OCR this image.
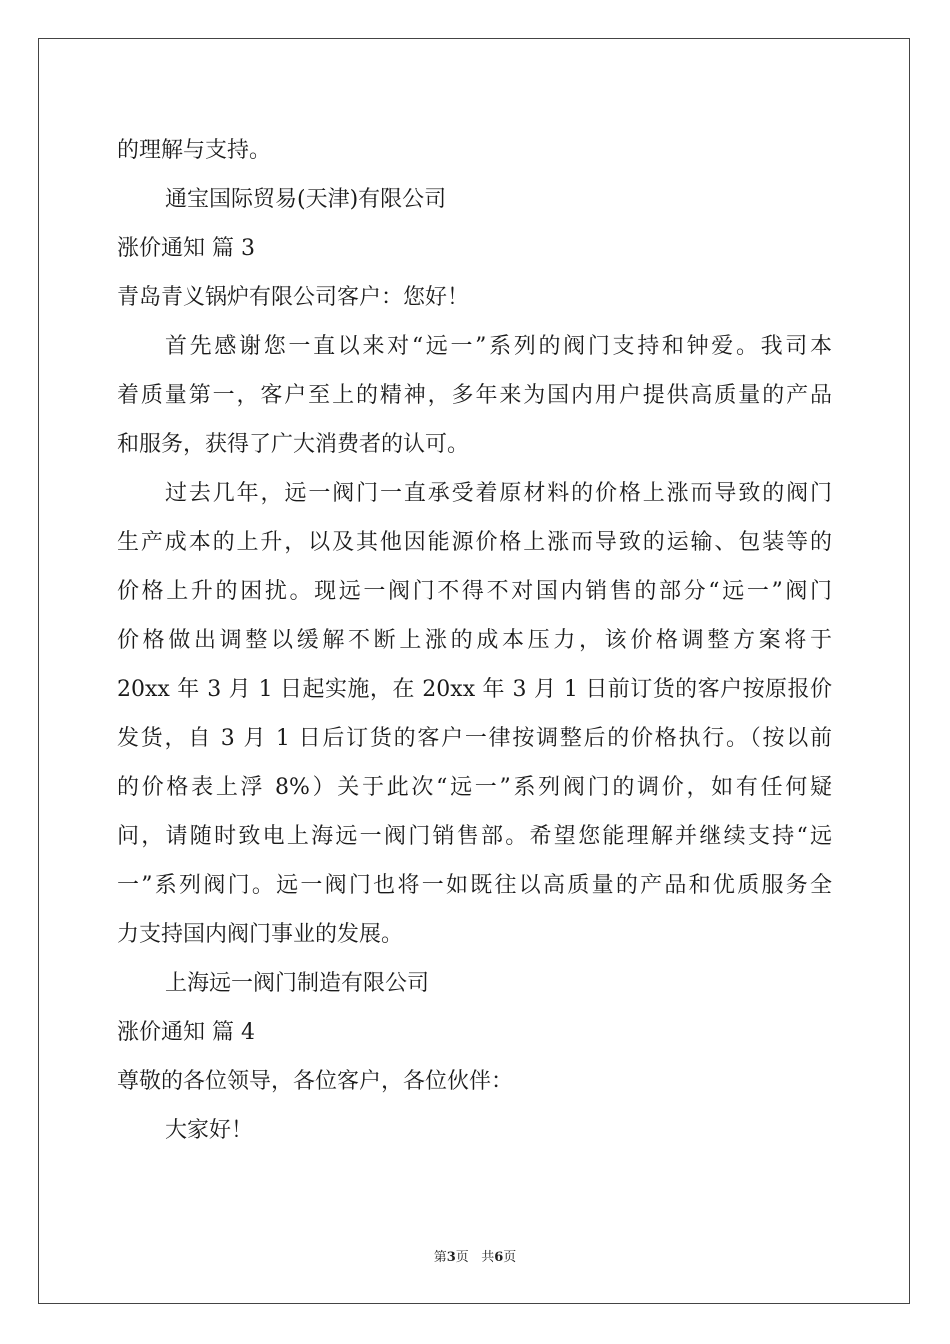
的理解与支持。

通宝国际贸易(天津)有限公司

涨价通知 篇 3

青岛青义锅炉有限公司客户：您好！

首先感谢您一直以来对“远一”系列的阀门支持和钟爱。我司本

着质量第一，客户至上的精神，多年来为国内用户提供高质量的产品

和服务，获得了广大消费者的认可。

过去几年，远一阀门一直承受着原材料的价格上涨而导致的阀门

生产成本的上升，以及其他因能源价格上涨而导致的运输、包装等的

价格上升的困扰。现远一阀门不得不对国内销售的部分“远一”阀门

价格做出调整以缓解不断上涨的成本压力，该价格调整方案将于

20xx 年 3 月 1 日起实施，在 20xx 年 3 月 1 日前订货的客户按原报价

发货，自 3 月 1 日后订货的客户一律按调整后的价格执行。（按以前

的价格表上浮 8%）关于此次“远一”系列阀门的调价，如有任何疑

问，请随时致电上海远一阀门销售部。希望您能理解并继续支持“远

一”系列阀门。远一阀门也将一如既往以高质量的产品和优质服务全

力支持国内阀门事业的发展。

上海远一阀门制造有限公司

涨价通知 篇 4

尊敬的各位领导，各位客户，各位伙伴：

大家好！

第3页 共6页
